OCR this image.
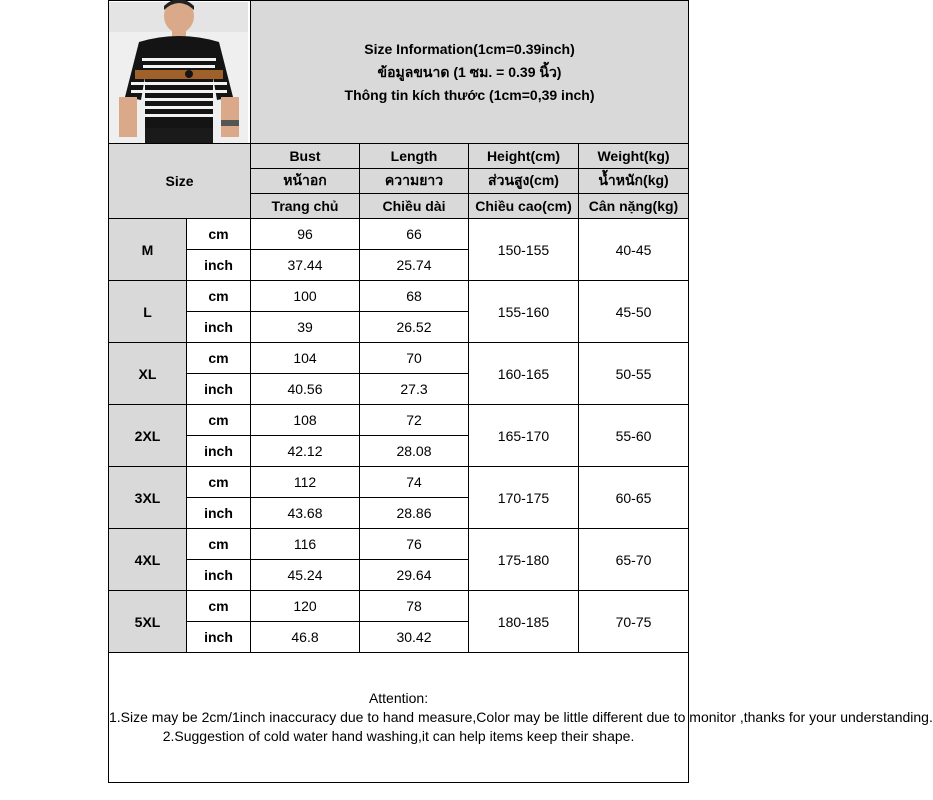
Size Information(1cm=0.39inch)
ข้อมูลขนาด (1 ซม. = 0.39 นิ้ว)
Thông tin kích thước (1cm=0,39 inch)			

Size		Bust	Length	Height(cm)	Weight(kg)
		หน้าอก	ความยาว	ส่วนสูง(cm)	น้ำหนัก(kg)
		Trang chủ	Chiều dài	Chiều cao(cm)	Cân nặng(kg)
M	cm	96	66	150-155	40-45
	inch	37.44	25.74		
L	cm	100	68	155-160	45-50
	inch	39	26.52		
XL	cm	104	70	160-165	50-55
	inch	40.56	27.3		
2XL	cm	108	72	165-170	55-60
	inch	42.12	28.08		
3XL	cm	112	74	170-175	60-65
	inch	43.68	28.86		
4XL	cm	116	76	175-180	65-70
	inch	45.24	29.64		
5XL	cm	120	78	180-185	70-75
	inch	46.8	30.42		

Attention:
1.Size may be 2cm/1inch inaccuracy due to hand measure,Color may be little different due to monitor ,thanks for your understanding.
2.Suggestion of cold water hand washing,it can help items keep their shape.					
